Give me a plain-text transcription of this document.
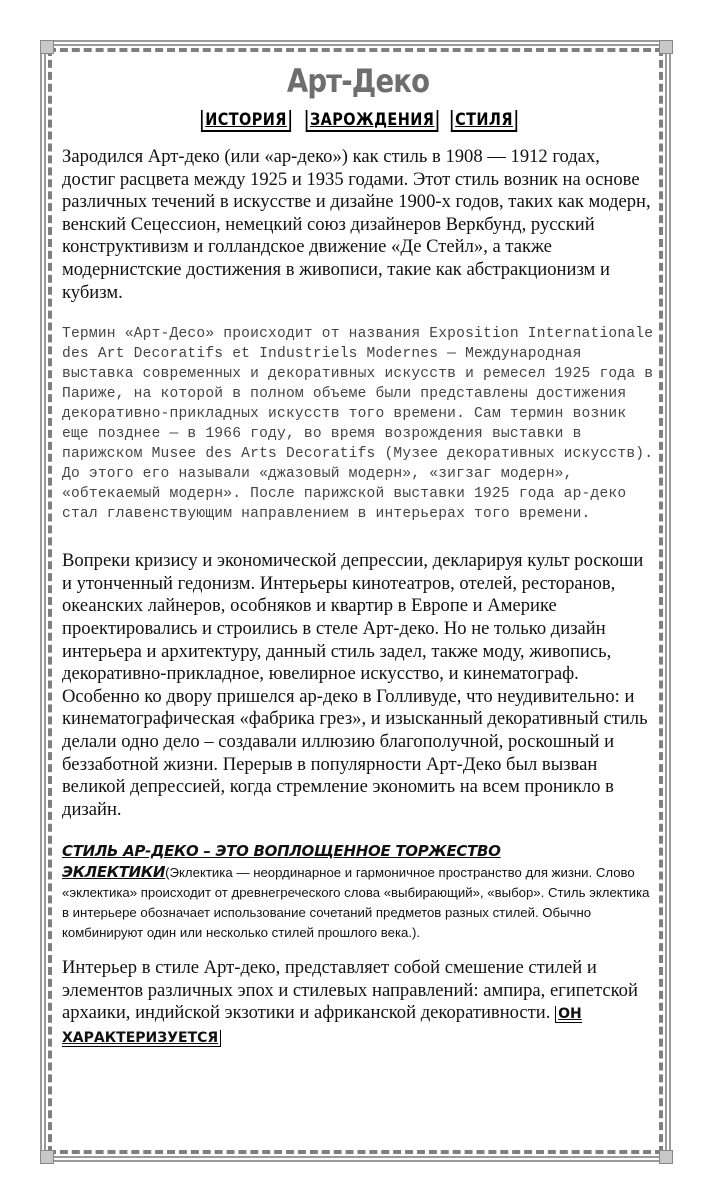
Арт-Деко
ИСТОРИЯ ЗАРОЖДЕНИЯ СТИЛЯ

Зародился Арт-деко (или «ар-деко») как стиль в 1908 — 1912 годах, достиг расцвета между 1925 и 1935 годами. Этот стиль возник на основе различных течений в искусстве и дизайне 1900-х годов, таких как модерн, венский Сецессион, немецкий союз дизайнеров Веркбунд, русский конструктивизм и голландское движение «Де Стейл», а также модернистские достижения в живописи, такие как абстракционизм и кубизм.

Термин «Арт-Десо» происходит от названия Exposition Internationale des Art Decoratifs et Industriels Modernes — Международная выставка современных и декоративных искусств и ремесел 1925 года в Париже, на которой в полном объеме были представлены достижения декоративно-прикладных искусств того времени. Сам термин возник еще позднее — в 1966 году, во время возрождения выставки в парижском Musee des Arts Decoratifs (Музее декоративных искусств). До этого его называли «джазовый модерн», «зигзаг модерн», «обтекаемый модерн». После парижской выставки 1925 года ар-деко стал главенствующим направлением в интерьерах того времени.

Вопреки кризису и экономической депрессии, декларируя культ роскоши и утонченный гедонизм. Интерьеры кинотеатров, отелей, ресторанов, океанских лайнеров, особняков и квартир в Европе и Америке проектировались и строились в стеле Арт-деко. Но не только дизайн интерьера и архитектуру, данный стиль задел, также моду, живопись, декоративно-прикладное, ювелирное искусство, и кинематограф. Особенно ко двору пришелся ар-деко в Голливуде, что неудивительно: и кинематографическая «фабрика грез», и изысканный декоративный стиль делали одно дело – создавали иллюзию благополучной, роскошный и беззаботной жизни. Перерыв в популярности Арт-Деко был вызван великой депрессией, когда стремление экономить на всем проникло в дизайн.

СТИЛЬ АР-ДЕКО – ЭТО ВОПЛОЩЕННОЕ ТОРЖЕСТВО ЭКЛЕКТИКИ(Эклектика — неординарное и гармоничное пространство для жизни. Слово «эклектика» происходит от древнегреческого слова «выбирающий», «выбор». Стиль эклектика в интерьере обозначает использование сочетаний предметов разных стилей. Обычно комбинируют один или несколько стилей прошлого века.).

Интерьер в стиле Арт-деко, представляет собой смешение стилей и элементов различных эпох и стилевых направлений: ампира, египетской архаики, индийской экзотики и африканской декоративности. ОН ХАРАКТЕРИЗУЕТСЯ
